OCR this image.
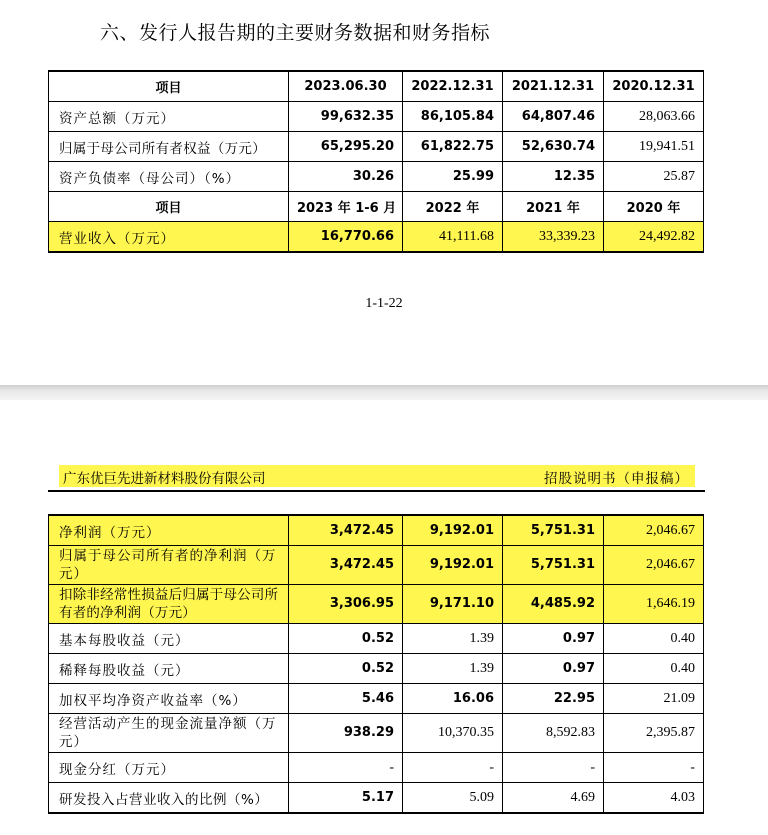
六、发行人报告期的主要财务数据和财务指标
项目	2023.06.30	2022.12.31	2021.12.31	2020.12.31
资产总额（万元）	99,632.35	86,105.84	64,807.46	28,063.66
归属于母公司所有者权益（万元）	65,295.20	61,822.75	52,630.74	19,941.51
资产负债率（母公司）（%）	30.26	25.99	12.35	25.87
项目	2023 年 1-6 月	2022 年	2021 年	2020 年
营业收入（万元）	16,770.66	41,111.68	33,339.23	24,492.82
1-1-22
广东优巨先进新材料股份有限公司	招股说明书（申报稿）
净利润（万元）	3,472.45	9,192.01	5,751.31	2,046.67
归属于母公司所有者的净利润（万元）	3,472.45	9,192.01	5,751.31	2,046.67
扣除非经常性损益后归属于母公司所有者的净利润（万元）	3,306.95	9,171.10	4,485.92	1,646.19
基本每股收益（元）	0.52	1.39	0.97	0.40
稀释每股收益（元）	0.52	1.39	0.97	0.40
加权平均净资产收益率（%）	5.46	16.06	22.95	21.09
经营活动产生的现金流量净额（万元）	938.29	10,370.35	8,592.83	2,395.87
现金分红（万元）	-	-	-	-
研发投入占营业收入的比例（%）	5.17	5.09	4.69	4.03
